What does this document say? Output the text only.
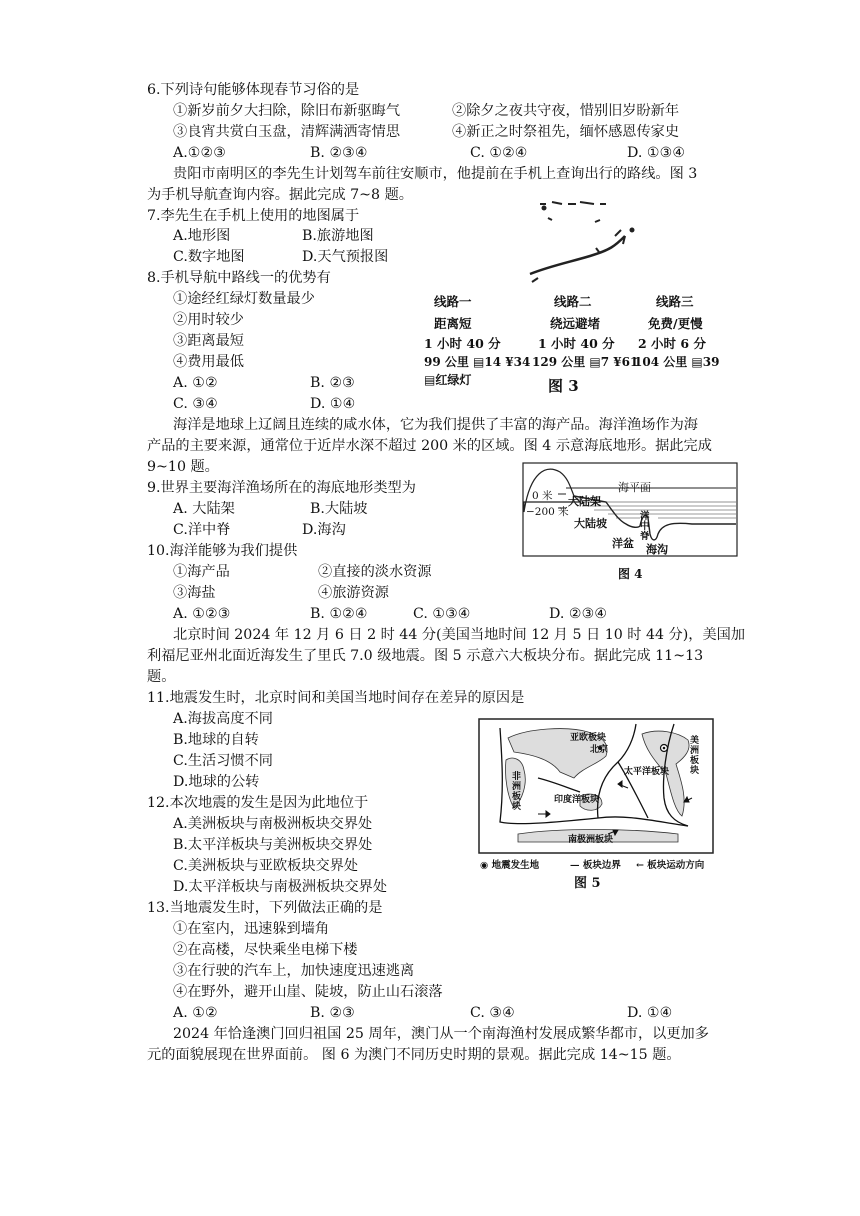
6.下列诗句能够体现春节习俗的是
①新岁前夕大扫除，除旧布新驱晦气	②除夕之夜共守夜，惜别旧岁盼新年
③良宵共赏白玉盘，清辉满洒寄情思	④新正之时祭祖先，缅怀感恩传家史
A.①②③	B. ②③④	C. ①②④	D. ①③④
贵阳市南明区的李先生计划驾车前往安顺市，他提前在手机上查询出行的路线。图 3
为手机导航查询内容。据此完成 7~8 题。
7.李先生在手机上使用的地图属于
A.地形图	B.旅游地图
C.数字地图	D.天气预报图
8.手机导航中路线一的优势有
①途经红绿灯数量最少
②用时较少
③距离最短
④费用最低
A. ①②	B. ②③
C. ③④	D. ①④
线路一
距离短
1 小时 40 分
99 公里 ▤14 ¥34
▤红绿灯
线路二
绕远避堵
1 小时 40 分
129 公里 ▤7 ¥61
线路三
免费/更慢
2 小时 6 分
104 公里 ▤39
图 3
海洋是地球上辽阔且连续的咸水体，它为我们提供了丰富的海产品。海洋渔场作为海
产品的主要来源，通常位于近岸水深不超过 200 米的区域。图 4 示意海底地形。据此完成
9~10 题。
9.世界主要海洋渔场所在的海底地形类型为
A. 大陆架	B.大陆坡
C.洋中脊	D.海沟
10.海洋能够为我们提供
①海产品	②直接的淡水资源
③海盐	④旅游资源
A. ①②③	B. ①②④	C. ①③④	D. ②③④
海平面
0 米
−200 米
大陆架
大陆坡
洋盆
洋中脊
海沟
图 4
北京时间 2024 年 12 月 6 日 2 时 44 分(美国当地时间 12 月 5 日 10 时 44 分)，美国加
利福尼亚州北面近海发生了里氏 7.0 级地震。图 5 示意六大板块分布。据此完成 11~13
题。
11.地震发生时，北京时间和美国当地时间存在差异的原因是
A.海拔高度不同
B.地球的自转
C.生活习惯不同
D.地球的公转
12.本次地震的发生是因为此地位于
A.美洲板块与南极洲板块交界处
B.太平洋板块与美洲板块交界处
C.美洲板块与亚欧板块交界处
D.太平洋板块与南极洲板块交界处
亚欧板块
北京
非洲板块
太平洋板块
美洲板块
印度洋板块
南极洲板块
◉ 地震发生地	— 板块边界 ← 板块运动方向
图 5
13.当地震发生时，下列做法正确的是
①在室内，迅速躲到墙角
②在高楼，尽快乘坐电梯下楼
③在行驶的汽车上，加快速度迅速逃离
④在野外，避开山崖、陡坡，防止山石滚落
A. ①②	B. ②③	C. ③④	D. ①④
2024 年恰逢澳门回归祖国 25 周年，澳门从一个南海渔村发展成繁华都市，以更加多
元的面貌展现在世界面前。 图 6 为澳门不同历史时期的景观。据此完成 14~15 题。
